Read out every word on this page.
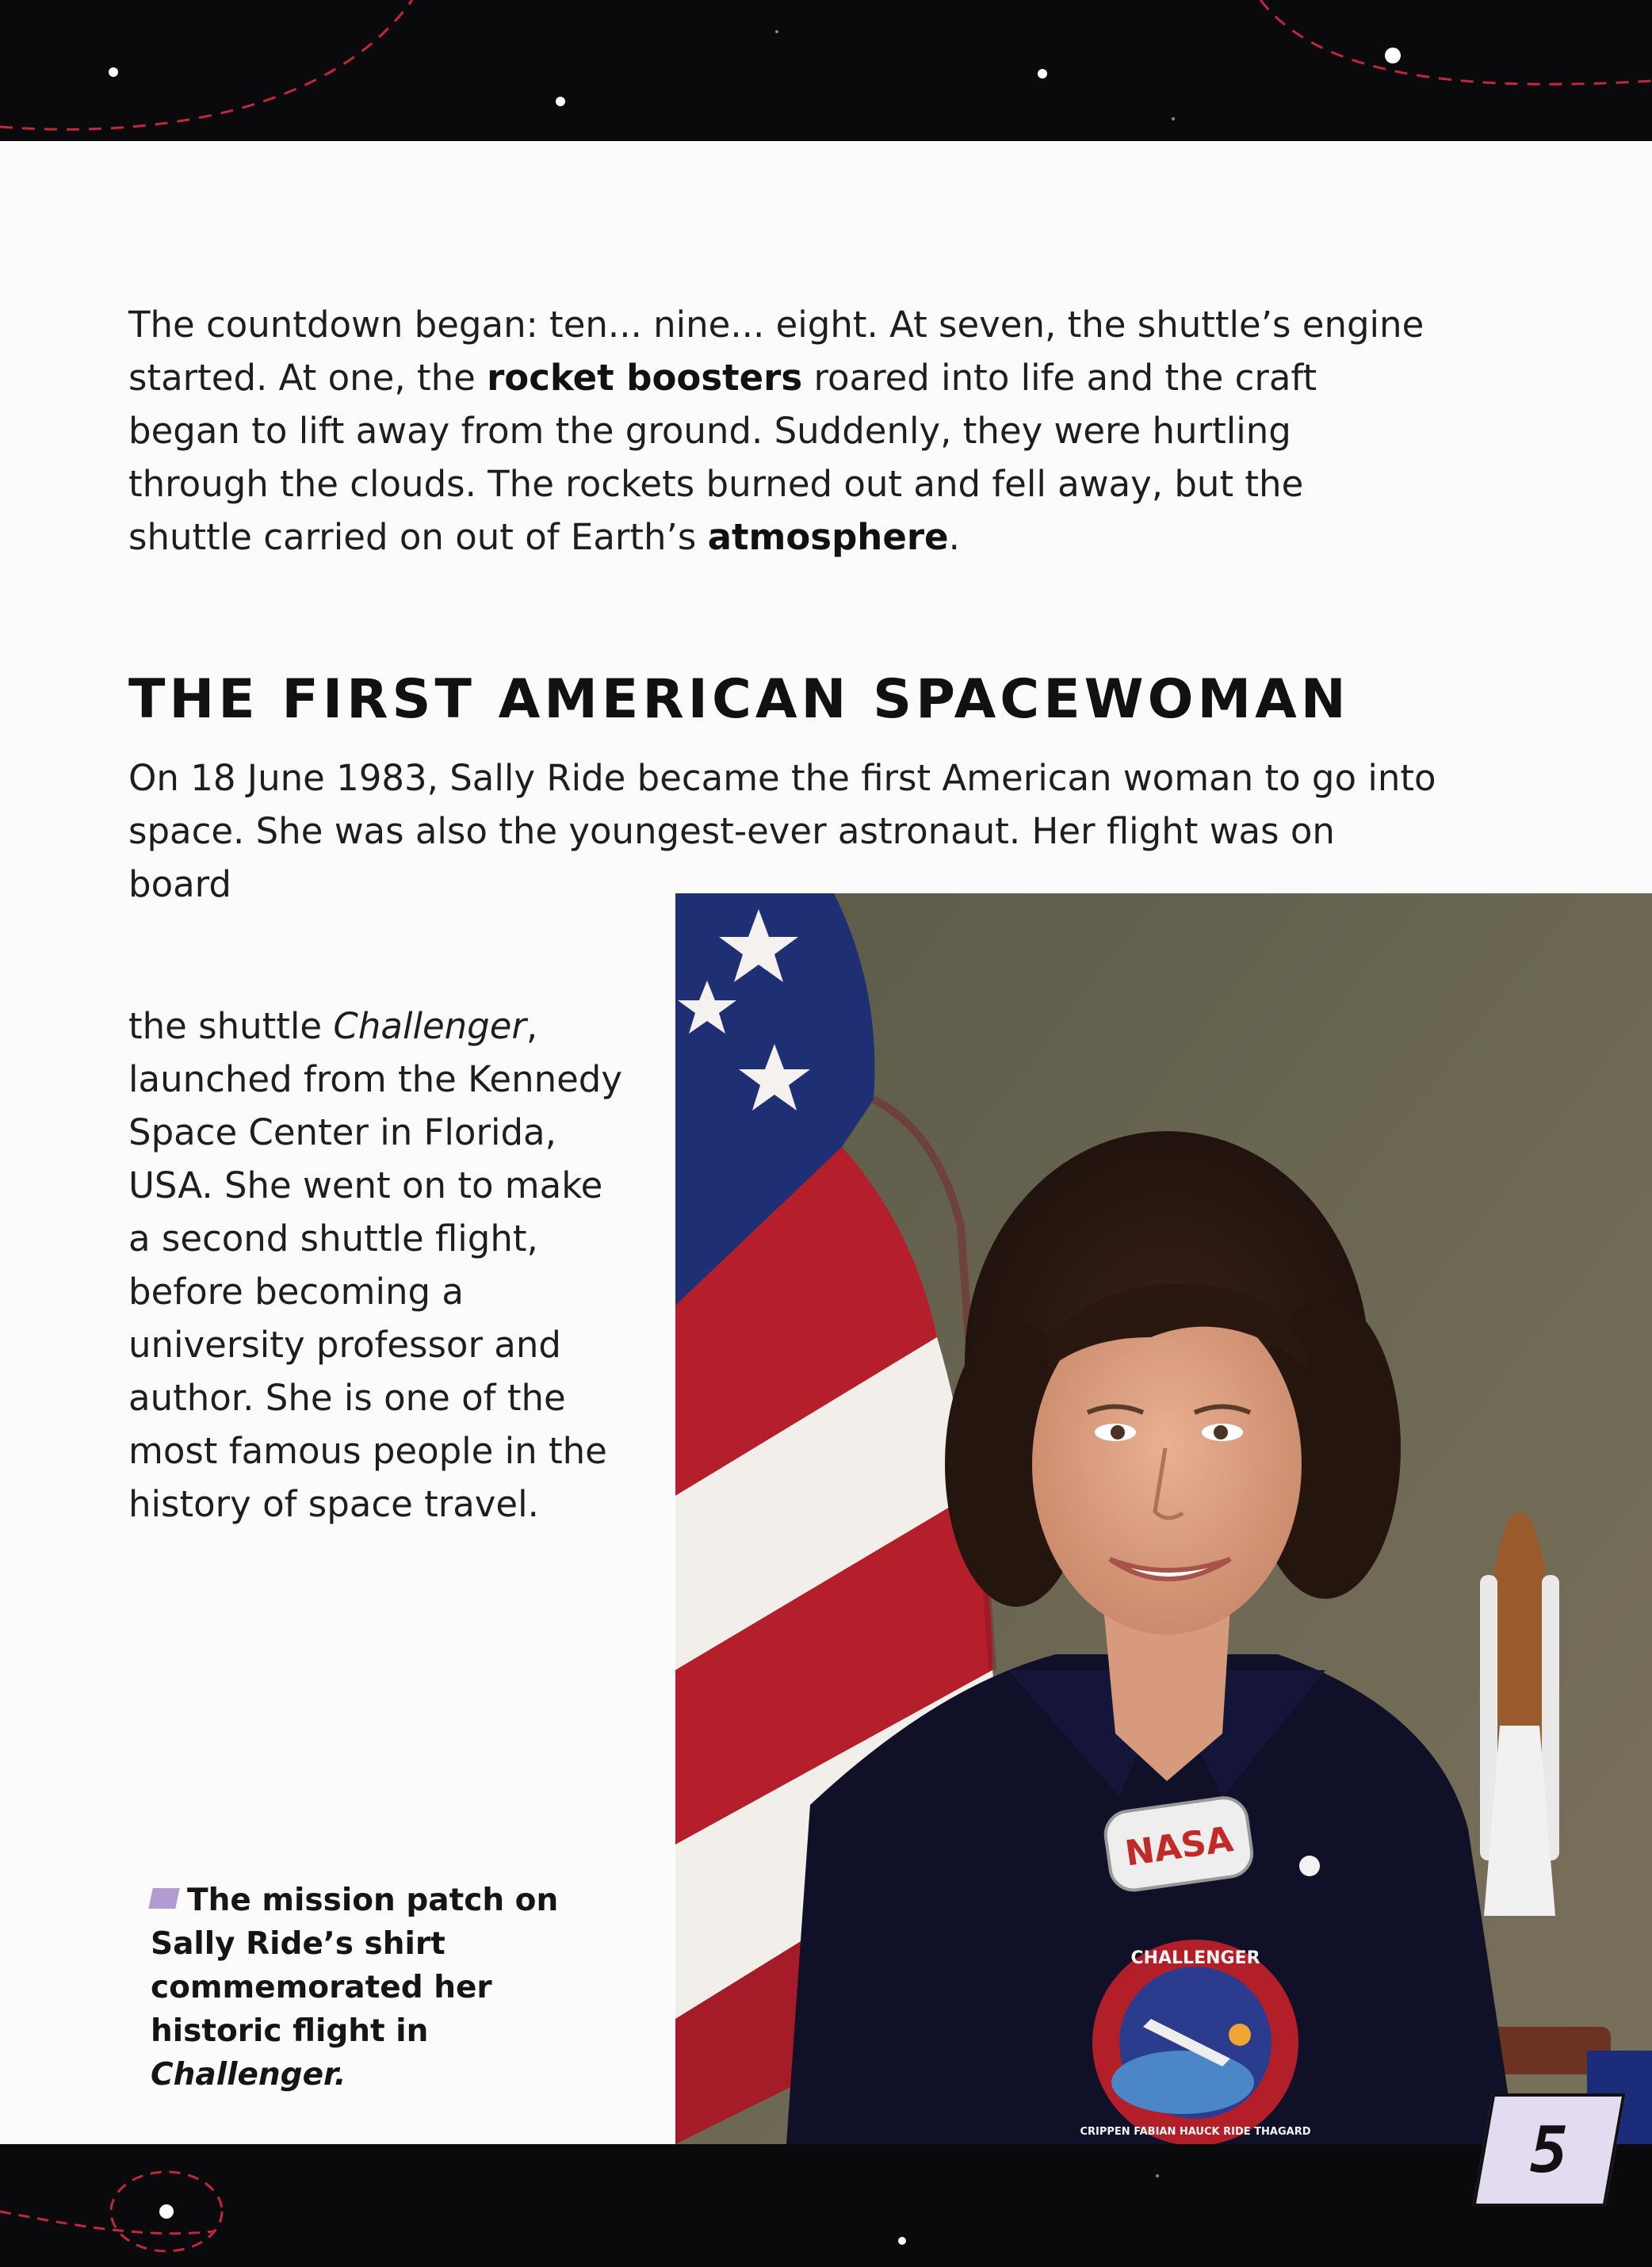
The countdown began: ten... nine... eight. At seven, the shuttle’s engine started. At one, the rocket boosters roared into life and the craft began to lift away from the ground. Suddenly, they were hurtling through the clouds. The rockets burned out and fell away, but the shuttle carried on out of Earth’s atmosphere.

THE FIRST AMERICAN SPACEWOMAN

On 18 June 1983, Sally Ride became the first American woman to go into space. She was also the youngest-ever astronaut. Her flight was on board

the shuttle Challenger, launched from the Kennedy Space Center in Florida, USA. She went on to make a second shuttle flight, before becoming a university professor and author. She is one of the most famous people in the history of space travel.

The mission patch on Sally Ride’s shirt commemorated her historic flight in Challenger.

NASA
CHALLENGER
CRIPPEN FABIAN HAUCK RIDE THAGARD	5
